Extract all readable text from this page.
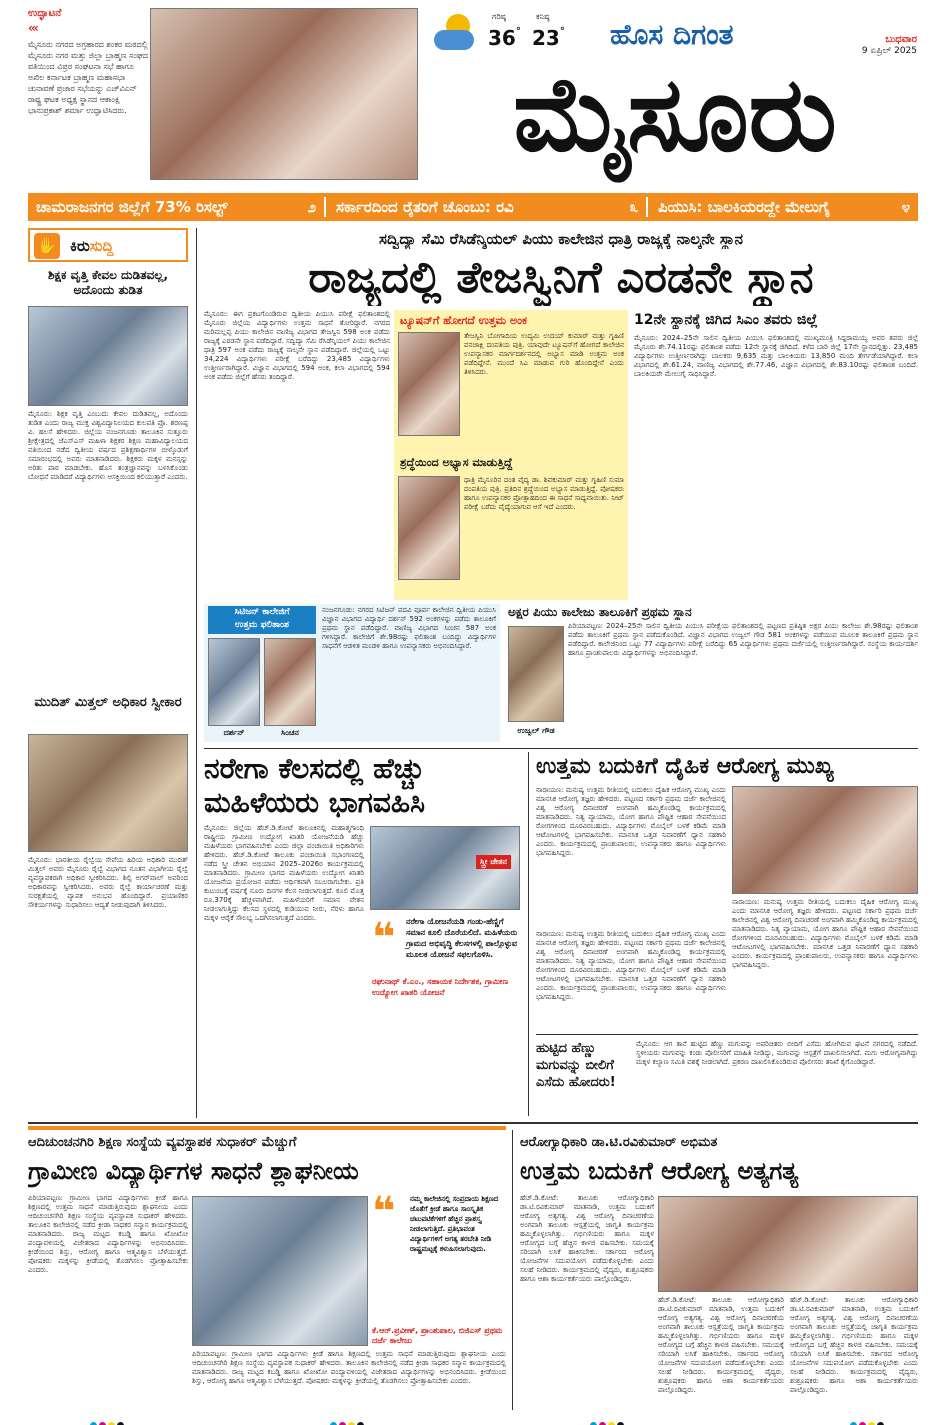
ಉದ್ಘಾಟನೆ
‹‹‹
ಮೈಸೂರು ನಗರದ ಅಗ್ರಹಾರದ ಶಂಕರ ಮಠದಲ್ಲಿ ಮೈಸೂರು ನಗರ ಮತ್ತು ಜಿಲ್ಲಾ ಬ್ರಾಹ್ಮಣ ಸಂಘದ ವತಿಯಿಂದ ವಿಪ್ರರ ಸಂಘಟನಾ ಸಭೆ ಹಾಗೂ ಅಖಿಲ ಕರ್ನಾಟಕ ಬ್ರಾಹ್ಮಣ ಮಹಾಸಭಾ ಚುನಾವಣೆ ಪ್ರಚಾರ ಸಭೆಯನ್ನು ಎಚ್‌ವಿಎನ್ ರಾಷ್ಟ್ರ ಘಟಕ ಅಧ್ಯಕ್ಷ ಸ್ಥಾನದ ಆಕಾಂಕ್ಷಿ ಭಾನುಪ್ರಕಾಶ್ ಶರ್ಮಾ ಉದ್ಘಾಟಿಸಿದರು.
ಗರಿಷ್ಠ	ಕನಿಷ್ಠ
36° 23° ಹೊಸ ದಿಗಂತ	ಬುಧವಾರ
9 ಏಪ್ರಿಲ್ 2025
ಮೈಸೂರು
ಚಾಮರಾಜನಗರ ಜಿಲ್ಲೆಗೆ 73% ರಿಸಲ್ಟ್	೨	ಸರ್ಕಾರದಿಂದ ರೈತರಿಗೆ ಚೊಂಬು: ರವಿ	೩	ಪಿಯುಸಿ: ಬಾಲಕಿಯರದ್ದೇ ಮೇಲುಗೈ	೪
✋ ಕಿರುಸುದ್ದಿ
ಶಿಕ್ಷಕ ವೃತ್ತಿ ಕೇವಲ ದುಡಿತವಲ್ಲ, ಅದೊಂದು ತುಡಿತ
ಮೈಸೂರು: ಶಿಕ್ಷಕ ವೃತ್ತಿ ಎಂಬುದು ಕೇವಲ ದುಡಿತವಲ್ಲ, ಅದೊಂದು ತುಡಿತ ಎಂದು ರಾಜ್ಯ ಮುಕ್ತ ವಿಶ್ವವಿದ್ಯಾನಿಲಯದ ಕುಲಪತಿ ಪ್ರೊ. ಶರಣಪ್ಪ ವಿ. ಹಲಸೆ ಹೇಳಿದರು. ಜಿಲ್ಲೆಯ ನಂಜನಗೂಡು ತಾಲೂಕಿನ ಸುತ್ತೂರು ಶ್ರೀಕ್ಷೇತ್ರದಲ್ಲಿ ಜೆಎಸ್‌ಎಸ್ ಮಹಿಳಾ ಶಿಕ್ಷಕರ ಶಿಕ್ಷಣ ಮಹಾವಿದ್ಯಾಲಯದ ವತಿಯಿಂದ ನಡೆದ ದ್ವಿತೀಯ ವರ್ಷದ ಪ್ರಶಿಕ್ಷಣಾರ್ಥಿಗಳ ಬೀಳ್ಕೊಡುಗೆ ಸಮಾರಂಭದಲ್ಲಿ ಅವರು ಮಾತನಾಡಿದರು. ಶಿಕ್ಷಕರು ಮಕ್ಕಳ ಮನಸ್ಸನ್ನು ಅರಿತು ಪಾಠ ಮಾಡಬೇಕು. ಹೊಸ ತಂತ್ರಜ್ಞಾನವನ್ನು ಬಳಸಿಕೊಂಡು ಬೋಧನೆ ಮಾಡಿದರೆ ವಿದ್ಯಾರ್ಥಿಗಳು ಆಸಕ್ತಿಯಿಂದ ಕಲಿಯುತ್ತಾರೆ ಎಂದರು.
ಮುದಿತ್ ಮಿತ್ತಲ್ ಅಧಿಕಾರ ಸ್ವೀಕಾರ
ಮೈಸೂರು: ಭಾರತೀಯ ರೈಲ್ವೆಯ ಸೇವೆಯ ಹಿರಿಯ ಅಧಿಕಾರಿ ಮುದಿತ್ ಮಿತ್ತಲ್ ಅವರು ಮೈಸೂರು ರೈಲ್ವೆ ವಿಭಾಗದ ನೂತನ ವಿಭಾಗೀಯ ರೈಲ್ವೆ ವ್ಯವಸ್ಥಾಪಕರಾಗಿ ಅಧಿಕಾರ ಸ್ವೀಕರಿಸಿದರು. ಶಿಲ್ಪಿ ಅಗರ್‌ವಾಲ್ ಅವರಿಂದ ಅಧಿಕಾರವನ್ನು ಸ್ವೀಕರಿಸಿದರು. ಅವರು ರೈಲ್ವೆ ಕಾರ್ಯಾಚರಣೆ ಮತ್ತು ಸುರಕ್ಷತೆಯಲ್ಲಿ ವ್ಯಾಪಕ ಅನುಭವ ಹೊಂದಿದ್ದಾರೆ. ಪ್ರಯಾಣಿಕರ ಸೌಕರ್ಯಗಳನ್ನು ಸುಧಾರಿಸಲು ಆದ್ಯತೆ ನೀಡುವುದಾಗಿ ತಿಳಿಸಿದರು.
ಸದ್ವಿದ್ಯಾ ಸೆಮಿ ರೆಸಿಡೆನ್ಶಿಯಲ್ ಪಿಯು ಕಾಲೇಜಿನ ಧಾತ್ರಿ ರಾಜ್ಯಕ್ಕೆ ನಾಲ್ಕನೇ ಸ್ಥಾನ
ರಾಜ್ಯದಲ್ಲಿ ತೇಜಸ್ವಿನಿಗೆ ಎರಡನೇ ಸ್ಥಾನ
ಮೈಸೂರು: ಈಗ ಪ್ರಕಟಗೊಂಡಿರುವ ದ್ವಿತೀಯ ಪಿಯುಸಿ ಪರೀಕ್ಷೆ ಫಲಿತಾಂಶದಲ್ಲಿ ಮೈಸೂರು ಜಿಲ್ಲೆಯ ವಿದ್ಯಾರ್ಥಿಗಳು ಉತ್ತಮ ಸಾಧನೆ ತೋರಿದ್ದಾರೆ. ನಗರದ ಮರಿಮಲ್ಲಪ್ಪ ಪಿಯು ಕಾಲೇಜಿನ ವಾಣಿಜ್ಯ ವಿಭಾಗದ ತೇಜಸ್ವಿನಿ 598 ಅಂಕ ಪಡೆದು ರಾಜ್ಯಕ್ಕೆ ಎರಡನೇ ಸ್ಥಾನ ಪಡೆದಿದ್ದಾರೆ. ಸದ್ವಿದ್ಯಾ ಸೆಮಿ ರೆಸಿಡೆನ್ಶಿಯಲ್ ಪಿಯು ಕಾಲೇಜಿನ ಧಾತ್ರಿ 597 ಅಂಕ ಪಡೆದು ರಾಜ್ಯಕ್ಕೆ ನಾಲ್ಕನೇ ಸ್ಥಾನ ಪಡೆದಿದ್ದಾರೆ. ಜಿಲ್ಲೆಯಲ್ಲಿ ಒಟ್ಟು 34,224 ವಿದ್ಯಾರ್ಥಿಗಳು ಪರೀಕ್ಷೆ ಬರೆದಿದ್ದು 23,485 ವಿದ್ಯಾರ್ಥಿಗಳು ಉತ್ತೀರ್ಣರಾಗಿದ್ದಾರೆ. ವಿಜ್ಞಾನ ವಿಭಾಗದಲ್ಲಿ 594 ಅಂಕ, ಕಲಾ ವಿಭಾಗದಲ್ಲಿ 594 ಅಂಕ ಪಡೆದು ಜಿಲ್ಲೆಗೆ ಹೆಸರು ತಂದಿದ್ದಾರೆ.
ಟ್ಯೂಷನ್‌ಗೆ ಹೋಗದೆ ಉತ್ತಮ ಅಂಕ
ತೇಜಸ್ವಿನಿ ಬೋಗಾದಿಯ ಉದ್ಯಮಿ ಉದಯ್ ಕುಮಾರ್ ಮತ್ತು ಗೃಹಿಣಿ ವನಜಾಕ್ಷಿ ದಂಪತಿಯ ಪುತ್ರಿ. ಯಾವುದೇ ಟ್ಯೂಷನ್‌ಗೆ ಹೋಗದೆ ಕಾಲೇಜಿನ ಉಪನ್ಯಾಸಕರ ಮಾರ್ಗದರ್ಶನದಲ್ಲಿ ಅಭ್ಯಾಸ ಮಾಡಿ ಉತ್ತಮ ಅಂಕ ಪಡೆದಿದ್ದೇನೆ. ಮುಂದೆ ಸಿಎ ಮಾಡುವ ಗುರಿ ಹೊಂದಿದ್ದೇನೆ ಎಂದು ತಿಳಿಸಿದರು.
ಶ್ರದ್ಧೆಯಿಂದ ಅಭ್ಯಾಸ ಮಾಡುತ್ತಿದ್ದೆ
ಧಾತ್ರಿ ಮೈಸೂರಿನ ದಂತ ವೈದ್ಯ ಡಾ. ಶಿವಕುಮಾರ್ ಮತ್ತು ಗೃಹಿಣಿ ಸುಮಾ ದಂಪತಿಯ ಪುತ್ರಿ. ಪ್ರತಿದಿನ ಶ್ರದ್ಧೆಯಿಂದ ಅಭ್ಯಾಸ ಮಾಡುತ್ತಿದ್ದೆ. ಪೋಷಕರು ಹಾಗೂ ಉಪನ್ಯಾಸಕರ ಪ್ರೋತ್ಸಾಹದಿಂದ ಈ ಸಾಧನೆ ಸಾಧ್ಯವಾಯಿತು. ನೀಟ್ ಪರೀಕ್ಷೆ ಬರೆದು ವೈದ್ಯೆಯಾಗುವ ಆಸೆ ಇದೆ ಎಂದರು.
12ನೇ ಸ್ಥಾನಕ್ಕೆ ಜಿಗಿದ ಸಿಎಂ ತವರು ಜಿಲ್ಲೆ
ಮೈಸೂರು: 2024–25ನೇ ಸಾಲಿನ ದ್ವಿತೀಯ ಪಿಯುಸಿ ಫಲಿತಾಂಶದಲ್ಲಿ ಮುಖ್ಯಮಂತ್ರಿ ಸಿದ್ದರಾಮಯ್ಯ ಅವರ ತವರು ಜಿಲ್ಲೆ ಮೈಸೂರು ಶೇ.74.11ರಷ್ಟು ಫಲಿತಾಂಶ ಪಡೆದು 12ನೇ ಸ್ಥಾನಕ್ಕೆ ಜಿಗಿದಿದೆ. ಕಳೆದ ಬಾರಿ ಜಿಲ್ಲೆ 17ನೇ ಸ್ಥಾನದಲ್ಲಿತ್ತು. 23,485 ವಿದ್ಯಾರ್ಥಿಗಳು ಉತ್ತೀರ್ಣರಾಗಿದ್ದು ಬಾಲಕರು 9,635 ಮತ್ತು ಬಾಲಕಿಯರು 13,850 ಮಂದಿ ತೇರ್ಗಡೆಯಾಗಿದ್ದಾರೆ. ಕಲಾ ವಿಭಾಗದಲ್ಲಿ ಶೇ.61.24, ವಾಣಿಜ್ಯ ವಿಭಾಗದಲ್ಲಿ ಶೇ.77.46, ವಿಜ್ಞಾನ ವಿಭಾಗದಲ್ಲಿ ಶೇ.83.10ರಷ್ಟು ಫಲಿತಾಂಶ ಬಂದಿದೆ. ಬಾಲಕಿಯರೇ ಮೇಲುಗೈ ಸಾಧಿಸಿದ್ದಾರೆ.
ಸಿಟಿಜನ್ ಕಾಲೇಜಿಗೆ
ಉತ್ತಮ ಫಲಿತಾಂಶ
ದರ್ಶನ್	ಸಿಂಚನ
ನಂಜನಗೂಡು: ನಗರದ ಸಿಟಿಜನ್ ಪದವಿ ಪೂರ್ವ ಕಾಲೇಜಿನ ದ್ವಿತೀಯ ಪಿಯುಸಿ ವಿಜ್ಞಾನ ವಿಭಾಗದ ವಿದ್ಯಾರ್ಥಿ ದರ್ಶನ್ 592 ಅಂಕಗಳನ್ನು ಪಡೆದು ತಾಲೂಕಿಗೆ ಪ್ರಥಮ ಸ್ಥಾನ ಪಡೆದಿದ್ದಾರೆ. ವಾಣಿಜ್ಯ ವಿಭಾಗದ ಸಿಂಚನ 587 ಅಂಕ ಗಳಿಸಿದ್ದಾರೆ. ಕಾಲೇಜಿಗೆ ಶೇ.98ರಷ್ಟು ಫಲಿತಾಂಶ ಬಂದಿದ್ದು ವಿದ್ಯಾರ್ಥಿಗಳ ಸಾಧನೆಗೆ ಆಡಳಿತ ಮಂಡಳಿ ಹಾಗೂ ಉಪನ್ಯಾಸಕರು ಅಭಿನಂದಿಸಿದ್ದಾರೆ.
ಅಕ್ಷರ ಪಿಯು ಕಾಲೇಜು ತಾಲೂಕಿಗೆ ಪ್ರಥಮ ಸ್ಥಾನ
ಉಜ್ವಲ್ ಗೌಡ
ಪಿರಿಯಾಪಟ್ಟಣ: 2024–25ನೇ ಸಾಲಿನ ದ್ವಿತೀಯ ಪಿಯುಸಿ ಪರೀಕ್ಷೆಯ ಫಲಿತಾಂಶದಲ್ಲಿ ಪಟ್ಟಣದ ಪ್ರತಿಷ್ಠಿತ ಅಕ್ಷರ ಪಿಯು ಕಾಲೇಜು ಶೇ.98ರಷ್ಟು ಫಲಿತಾಂಶ ಪಡೆದು ತಾಲೂಕಿಗೆ ಪ್ರಥಮ ಸ್ಥಾನ ಪಡೆದುಕೊಂಡಿದೆ. ವಿಜ್ಞಾನ ವಿಭಾಗದ ಉಜ್ವಲ್ ಗೌಡ 581 ಅಂಕಗಳನ್ನು ಪಡೆಯುವ ಮೂಲಕ ತಾಲೂಕಿಗೆ ಪ್ರಥಮ ಸ್ಥಾನ ಪಡೆದಿದ್ದಾರೆ. ಕಾಲೇಜಿನಿಂದ ಒಟ್ಟು 77 ವಿದ್ಯಾರ್ಥಿಗಳು ಪರೀಕ್ಷೆ ಬರೆದಿದ್ದು 65 ವಿದ್ಯಾರ್ಥಿಗಳು ಪ್ರಥಮ ದರ್ಜೆಯಲ್ಲಿ ಉತ್ತೀರ್ಣರಾಗಿದ್ದಾರೆ. ಸಂಸ್ಥೆಯ ಕಾರ್ಯದರ್ಶಿ ಹಾಗೂ ಪ್ರಾಂಶುಪಾಲರು ವಿದ್ಯಾರ್ಥಿಗಳನ್ನು ಅಭಿನಂದಿಸಿದ್ದಾರೆ.
ನರೇಗಾ ಕೆಲಸದಲ್ಲಿ ಹೆಚ್ಚು ಮಹಿಳೆಯರು ಭಾಗವಹಿಸಿ
ಮೈಸೂರು: ಜಿಲ್ಲೆಯ ಹೆಚ್.ಡಿ.ಕೋಟೆ ತಾಲೂಕಿನಲ್ಲಿ ಮಹಾತ್ಮಗಾಂಧಿ ರಾಷ್ಟ್ರೀಯ ಗ್ರಾಮೀಣ ಉದ್ಯೋಗ ಖಾತರಿ ಯೋಜನೆಯಡಿ ಹೆಚ್ಚು ಮಹಿಳೆಯರು ಭಾಗವಹಿಸಬೇಕು ಎಂದು ಜಿಲ್ಲಾ ಪಂಚಾಯಿತಿ ಅಧಿಕಾರಿಗಳು ಹೇಳಿದರು. ಹೆಚ್.ಡಿ.ಕೋಟೆ ತಾಲೂಕು ಪಂಚಾಯಿತಿ ಸಭಾಂಗಣದಲ್ಲಿ ನಡೆದ ಸ್ತ್ರೀ ಚೇತನ ಅಭಿಯಾನ 2025–2026ರ ಕಾರ್ಯಕ್ರಮದಲ್ಲಿ ಮಾತನಾಡಿದರು. ಗ್ರಾಮೀಣ ಭಾಗದ ಮಹಿಳೆಯರು ಉದ್ಯೋಗ ಖಾತರಿ ಯೋಜನೆಯ ಪ್ರಯೋಜನ ಪಡೆದು ಆರ್ಥಿಕವಾಗಿ ಸಬಲರಾಗಬೇಕು. ಪ್ರತಿ ಕುಟುಂಬಕ್ಕೆ ವರ್ಷಕ್ಕೆ ನೂರು ದಿನಗಳ ಕೆಲಸ ನೀಡಲಾಗುತ್ತದೆ. ಕೂಲಿ ಮೊತ್ತ ರೂ.370ಕ್ಕೆ ಹೆಚ್ಚಳವಾಗಿದೆ. ಮಹಿಳೆಯರಿಗೆ ಸಮಾನ ವೇತನ ನೀಡಲಾಗುತ್ತಿದ್ದು ಕೆಲಸದ ಸ್ಥಳದಲ್ಲಿ ಕುಡಿಯುವ ನೀರು, ನೆರಳು ಹಾಗೂ ಮಕ್ಕಳ ಆರೈಕೆ ಸೌಲಭ್ಯ ಒದಗಿಸಲಾಗುತ್ತದೆ ಎಂದರು.
ಸ್ತ್ರೀ ಚೇತನ
❝	ನರೇಗಾ ಯೋಜನೆಯಡಿ ಗಂಡು-ಹೆಣ್ಣಿಗೆ ಸಮಾನ ಕೂಲಿ ದೊರೆಯಲಿದೆ. ಮಹಿಳೆಯರು ಗ್ರಾಮದ ಅಭಿವೃದ್ಧಿ ಕೆಲಸಗಳಲ್ಲಿ ಪಾಲ್ಗೊಳ್ಳುವ ಮೂಲಕ ಯೋಜನೆ ಸಫಲಗೊಳಿಸಿ.
ರಘುನಾಥ್ ಕೆ.ಎಂ., ಸಹಾಯಕ ನಿರ್ದೇಶಕ, ಗ್ರಾಮೀಣ ಉದ್ಯೋಗ ಖಾತರಿ ಯೋಜನೆ
ಉತ್ತಮ ಬದುಕಿಗೆ ದೈಹಿಕ ಆರೋಗ್ಯ ಮುಖ್ಯ
ನಾರಾಯಣ: ಮನುಷ್ಯ ಉತ್ತಮ ರೀತಿಯಲ್ಲಿ ಬದುಕಲು ದೈಹಿಕ ಆರೋಗ್ಯ ಮುಖ್ಯ ಎಂದು ಮಾನಸಿಕ ಆರೋಗ್ಯ ತಜ್ಞರು ಹೇಳಿದರು. ಪಟ್ಟಣದ ಸರ್ಕಾರಿ ಪ್ರಥಮ ದರ್ಜೆ ಕಾಲೇಜಿನಲ್ಲಿ ವಿಶ್ವ ಆರೋಗ್ಯ ದಿನಾಚರಣೆ ಅಂಗವಾಗಿ ಹಮ್ಮಿಕೊಂಡಿದ್ದ ಕಾರ್ಯಕ್ರಮದಲ್ಲಿ ಮಾತನಾಡಿದರು. ನಿತ್ಯ ವ್ಯಾಯಾಮ, ಯೋಗ ಹಾಗೂ ಪೌಷ್ಟಿಕ ಆಹಾರ ಸೇವನೆಯಿಂದ ರೋಗಗಳಿಂದ ದೂರವಿರಬಹುದು. ವಿದ್ಯಾರ್ಥಿಗಳು ಮೊಬೈಲ್ ಬಳಕೆ ಕಡಿಮೆ ಮಾಡಿ ಆಟೋಟಗಳಲ್ಲಿ ಭಾಗವಹಿಸಬೇಕು. ಮಾನಸಿಕ ಒತ್ತಡ ನಿವಾರಣೆಗೆ ಧ್ಯಾನ ಸಹಕಾರಿ ಎಂದರು. ಕಾರ್ಯಕ್ರಮದಲ್ಲಿ ಪ್ರಾಂಶುಪಾಲರು, ಉಪನ್ಯಾಸಕರು ಹಾಗೂ ವಿದ್ಯಾರ್ಥಿಗಳು ಭಾಗವಹಿಸಿದ್ದರು.
ನಾರಾಯಣ: ಮನುಷ್ಯ ಉತ್ತಮ ರೀತಿಯಲ್ಲಿ ಬದುಕಲು ದೈಹಿಕ ಆರೋಗ್ಯ ಮುಖ್ಯ ಎಂದು ಮಾನಸಿಕ ಆರೋಗ್ಯ ತಜ್ಞರು ಹೇಳಿದರು. ಪಟ್ಟಣದ ಸರ್ಕಾರಿ ಪ್ರಥಮ ದರ್ಜೆ ಕಾಲೇಜಿನಲ್ಲಿ ವಿಶ್ವ ಆರೋಗ್ಯ ದಿನಾಚರಣೆ ಅಂಗವಾಗಿ ಹಮ್ಮಿಕೊಂಡಿದ್ದ ಕಾರ್ಯಕ್ರಮದಲ್ಲಿ ಮಾತನಾಡಿದರು. ನಿತ್ಯ ವ್ಯಾಯಾಮ, ಯೋಗ ಹಾಗೂ ಪೌಷ್ಟಿಕ ಆಹಾರ ಸೇವನೆಯಿಂದ ರೋಗಗಳಿಂದ ದೂರವಿರಬಹುದು. ವಿದ್ಯಾರ್ಥಿಗಳು ಮೊಬೈಲ್ ಬಳಕೆ ಕಡಿಮೆ ಮಾಡಿ ಆಟೋಟಗಳಲ್ಲಿ ಭಾಗವಹಿಸಬೇಕು. ಮಾನಸಿಕ ಒತ್ತಡ ನಿವಾರಣೆಗೆ ಧ್ಯಾನ ಸಹಕಾರಿ ಎಂದರು. ಕಾರ್ಯಕ್ರಮದಲ್ಲಿ ಪ್ರಾಂಶುಪಾಲರು, ಉಪನ್ಯಾಸಕರು ಹಾಗೂ ವಿದ್ಯಾರ್ಥಿಗಳು ಭಾಗವಹಿಸಿದ್ದರು.
ನಾರಾಯಣ: ಮನುಷ್ಯ ಉತ್ತಮ ರೀತಿಯಲ್ಲಿ ಬದುಕಲು ದೈಹಿಕ ಆರೋಗ್ಯ ಮುಖ್ಯ ಎಂದು ಮಾನಸಿಕ ಆರೋಗ್ಯ ತಜ್ಞರು ಹೇಳಿದರು. ಪಟ್ಟಣದ ಸರ್ಕಾರಿ ಪ್ರಥಮ ದರ್ಜೆ ಕಾಲೇಜಿನಲ್ಲಿ ವಿಶ್ವ ಆರೋಗ್ಯ ದಿನಾಚರಣೆ ಅಂಗವಾಗಿ ಹಮ್ಮಿಕೊಂಡಿದ್ದ ಕಾರ್ಯಕ್ರಮದಲ್ಲಿ ಮಾತನಾಡಿದರು. ನಿತ್ಯ ವ್ಯಾಯಾಮ, ಯೋಗ ಹಾಗೂ ಪೌಷ್ಟಿಕ ಆಹಾರ ಸೇವನೆಯಿಂದ ರೋಗಗಳಿಂದ ದೂರವಿರಬಹುದು. ವಿದ್ಯಾರ್ಥಿಗಳು ಮೊಬೈಲ್ ಬಳಕೆ ಕಡಿಮೆ ಮಾಡಿ ಆಟೋಟಗಳಲ್ಲಿ ಭಾಗವಹಿಸಬೇಕು. ಮಾನಸಿಕ ಒತ್ತಡ ನಿವಾರಣೆಗೆ ಧ್ಯಾನ ಸಹಕಾರಿ ಎಂದರು. ಕಾರ್ಯಕ್ರಮದಲ್ಲಿ ಪ್ರಾಂಶುಪಾಲರು, ಉಪನ್ಯಾಸಕರು ಹಾಗೂ ವಿದ್ಯಾರ್ಥಿಗಳು ಭಾಗವಹಿಸಿದ್ದರು.
ಹುಟ್ಟಿದ ಹೆಣ್ಣು ಮಗುವನ್ನು ಬೀಲಿಗೆ ಎಸೆದು ಹೋದರು!
ಮೈಸೂರು: ಆಗ ತಾನೆ ಹುಟ್ಟಿದ ಹೆಣ್ಣು ಮಗುವನ್ನು ಅಪರಿಚಿತರು ಬೀದಿಗೆ ಎಸೆದು ಹೋಗಿರುವ ಘಟನೆ ನಗರದಲ್ಲಿ ನಡೆದಿದೆ. ಸ್ಥಳೀಯರು ಮಗುವನ್ನು ಕಂಡು ಪೊಲೀಸರಿಗೆ ಮಾಹಿತಿ ನೀಡಿದ್ದು, ಮಗುವನ್ನು ಆಸ್ಪತ್ರೆಗೆ ದಾಖಲಿಸಲಾಗಿದೆ. ಮಗು ಆರೋಗ್ಯವಾಗಿದ್ದು ಮಕ್ಕಳ ಕಲ್ಯಾಣ ಸಮಿತಿ ವಶಕ್ಕೆ ನೀಡಲಾಗಿದೆ. ಪ್ರಕರಣ ದಾಖಲಿಸಿಕೊಂಡಿರುವ ಪೊಲೀಸರು ತನಿಖೆ ಕೈಗೊಂಡಿದ್ದಾರೆ.
ಆದಿಚುಂಚನಗಿರಿ ಶಿಕ್ಷಣ ಸಂಸ್ಥೆಯ ವ್ಯವಸ್ಥಾಪಕ ಸುಧಾಕರ್ ಮೆಚ್ಚುಗೆ
ಗ್ರಾಮೀಣ ವಿದ್ಯಾರ್ಥಿಗಳ ಸಾಧನೆ ಶ್ಲಾಘನೀಯ
ಪಿರಿಯಾಪಟ್ಟಣ: ಗ್ರಾಮೀಣ ಭಾಗದ ವಿದ್ಯಾರ್ಥಿಗಳು ಕ್ರೀಡೆ ಹಾಗೂ ಶಿಕ್ಷಣದಲ್ಲಿ ಉತ್ತಮ ಸಾಧನೆ ಮಾಡುತ್ತಿರುವುದು ಶ್ಲಾಘನೀಯ ಎಂದು ಆದಿಚುಂಚನಗಿರಿ ಶಿಕ್ಷಣ ಸಂಸ್ಥೆಯ ವ್ಯವಸ್ಥಾಪಕ ಸುಧಾಕರ್ ಹೇಳಿದರು. ತಾಲೂಕಿನ ಕಾಲೇಜಿನಲ್ಲಿ ನಡೆದ ಕ್ರೀಡಾ ಸಾಧಕರ ಸನ್ಮಾನ ಕಾರ್ಯಕ್ರಮದಲ್ಲಿ ಮಾತನಾಡಿದರು. ರಾಜ್ಯ ಮಟ್ಟದ ಕಬಡ್ಡಿ ಹಾಗೂ ಖೋಖೋ ಪಂದ್ಯಾವಳಿಯಲ್ಲಿ ವಿಜೇತರಾದ ವಿದ್ಯಾರ್ಥಿಗಳನ್ನು ಅಭಿನಂದಿಸಿದರು. ಕ್ರೀಡೆಯಿಂದ ಶಿಸ್ತು, ಆರೋಗ್ಯ ಹಾಗೂ ಆತ್ಮವಿಶ್ವಾಸ ಬೆಳೆಯುತ್ತದೆ. ಪೋಷಕರು ಮಕ್ಕಳನ್ನು ಕ್ರೀಡೆಯಲ್ಲಿ ತೊಡಗಿಸಲು ಪ್ರೋತ್ಸಾಹಿಸಬೇಕು ಎಂದರು.
❝	ನಮ್ಮ ಕಾಲೇಜಿನಲ್ಲಿ ಸಂಪ್ರದಾಯ ಶಿಕ್ಷಣದ ಜೊತೆಗೆ ಕ್ರೀಡೆ ಹಾಗೂ ಸಾಂಸ್ಕೃತಿಕ ಚಟುವಟಿಕೆಗಳಿಗೆ ಹೆಚ್ಚಿನ ಪ್ರಾಶಸ್ತ್ಯ ನೀಡಲಾಗುತ್ತಿದೆ. ಪ್ರತಿಭಾವಂತ ವಿದ್ಯಾರ್ಥಿಗಳಿಗೆ ಅಗತ್ಯ ತರಬೇತಿ ನೀಡಿ ರಾಷ್ಟ್ರಮಟ್ಟಕ್ಕೆ ಕಳುಹಿಸಲಾಗುವುದು.
ಕೆ.ಆರ್.ಪ್ರವೀಣ್, ಪ್ರಾಂಶುಪಾಲ, ಬಿಜಿಎಸ್ ಪ್ರಥಮ ದರ್ಜೆ ಕಾಲೇಜು
ಪಿರಿಯಾಪಟ್ಟಣ: ಗ್ರಾಮೀಣ ಭಾಗದ ವಿದ್ಯಾರ್ಥಿಗಳು ಕ್ರೀಡೆ ಹಾಗೂ ಶಿಕ್ಷಣದಲ್ಲಿ ಉತ್ತಮ ಸಾಧನೆ ಮಾಡುತ್ತಿರುವುದು ಶ್ಲಾಘನೀಯ ಎಂದು ಆದಿಚುಂಚನಗಿರಿ ಶಿಕ್ಷಣ ಸಂಸ್ಥೆಯ ವ್ಯವಸ್ಥಾಪಕ ಸುಧಾಕರ್ ಹೇಳಿದರು. ತಾಲೂಕಿನ ಕಾಲೇಜಿನಲ್ಲಿ ನಡೆದ ಕ್ರೀಡಾ ಸಾಧಕರ ಸನ್ಮಾನ ಕಾರ್ಯಕ್ರಮದಲ್ಲಿ ಮಾತನಾಡಿದರು. ರಾಜ್ಯ ಮಟ್ಟದ ಕಬಡ್ಡಿ ಹಾಗೂ ಖೋಖೋ ಪಂದ್ಯಾವಳಿಯಲ್ಲಿ ವಿಜೇತರಾದ ವಿದ್ಯಾರ್ಥಿಗಳನ್ನು ಅಭಿನಂದಿಸಿದರು. ಕ್ರೀಡೆಯಿಂದ ಶಿಸ್ತು, ಆರೋಗ್ಯ ಹಾಗೂ ಆತ್ಮವಿಶ್ವಾಸ ಬೆಳೆಯುತ್ತದೆ. ಪೋಷಕರು ಮಕ್ಕಳನ್ನು ಕ್ರೀಡೆಯಲ್ಲಿ ತೊಡಗಿಸಲು ಪ್ರೋತ್ಸಾಹಿಸಬೇಕು ಎಂದರು.
ಆರೋಗ್ಯಾಧಿಕಾರಿ ಡಾ.ಟಿ.ರವಿಕುಮಾರ್ ಅಭಿಮತ
ಉತ್ತಮ ಬದುಕಿಗೆ ಆರೋಗ್ಯ ಅತ್ಯಗತ್ಯ
ಹೆಚ್.ಡಿ.ಕೋಟೆ: ತಾಲೂಕು ಆರೋಗ್ಯಾಧಿಕಾರಿ ಡಾ.ಟಿ.ರವಿಕುಮಾರ್ ಮಾತನಾಡಿ, ಉತ್ತಮ ಬದುಕಿಗೆ ಆರೋಗ್ಯ ಅತ್ಯಗತ್ಯ. ವಿಶ್ವ ಆರೋಗ್ಯ ದಿನಾಚರಣೆಯ ಅಂಗವಾಗಿ ತಾಲೂಕು ಆಸ್ಪತ್ರೆಯಲ್ಲಿ ಜಾಗೃತಿ ಕಾರ್ಯಕ್ರಮ ಹಮ್ಮಿಕೊಳ್ಳಲಾಗಿತ್ತು. ಗರ್ಭಿಣಿಯರು ಹಾಗೂ ಮಕ್ಕಳ ಆರೋಗ್ಯದ ಬಗ್ಗೆ ಹೆಚ್ಚಿನ ಕಾಳಜಿ ವಹಿಸಬೇಕು. ಸಮಯಕ್ಕೆ ಸರಿಯಾಗಿ ಲಸಿಕೆ ಹಾಕಿಸಬೇಕು. ಸರ್ಕಾರದ ಆರೋಗ್ಯ ಯೋಜನೆಗಳ ಸದುಪಯೋಗ ಪಡೆದುಕೊಳ್ಳಬೇಕು ಎಂದು ಸಲಹೆ ನೀಡಿದರು. ಕಾರ್ಯಕ್ರಮದಲ್ಲಿ ವೈದ್ಯರು, ಶುಶ್ರೂಷಕರು ಹಾಗೂ ಆಶಾ ಕಾರ್ಯಕರ್ತೆಯರು ಪಾಲ್ಗೊಂಡಿದ್ದರು.
ಹೆಚ್.ಡಿ.ಕೋಟೆ: ತಾಲೂಕು ಆರೋಗ್ಯಾಧಿಕಾರಿ ಡಾ.ಟಿ.ರವಿಕುಮಾರ್ ಮಾತನಾಡಿ, ಉತ್ತಮ ಬದುಕಿಗೆ ಆರೋಗ್ಯ ಅತ್ಯಗತ್ಯ. ವಿಶ್ವ ಆರೋಗ್ಯ ದಿನಾಚರಣೆಯ ಅಂಗವಾಗಿ ತಾಲೂಕು ಆಸ್ಪತ್ರೆಯಲ್ಲಿ ಜಾಗೃತಿ ಕಾರ್ಯಕ್ರಮ ಹಮ್ಮಿಕೊಳ್ಳಲಾಗಿತ್ತು. ಗರ್ಭಿಣಿಯರು ಹಾಗೂ ಮಕ್ಕಳ ಆರೋಗ್ಯದ ಬಗ್ಗೆ ಹೆಚ್ಚಿನ ಕಾಳಜಿ ವಹಿಸಬೇಕು. ಸಮಯಕ್ಕೆ ಸರಿಯಾಗಿ ಲಸಿಕೆ ಹಾಕಿಸಬೇಕು. ಸರ್ಕಾರದ ಆರೋಗ್ಯ ಯೋಜನೆಗಳ ಸದುಪಯೋಗ ಪಡೆದುಕೊಳ್ಳಬೇಕು ಎಂದು ಸಲಹೆ ನೀಡಿದರು. ಕಾರ್ಯಕ್ರಮದಲ್ಲಿ ವೈದ್ಯರು, ಶುಶ್ರೂಷಕರು ಹಾಗೂ ಆಶಾ ಕಾರ್ಯಕರ್ತೆಯರು ಪಾಲ್ಗೊಂಡಿದ್ದರು.
ಹೆಚ್.ಡಿ.ಕೋಟೆ: ತಾಲೂಕು ಆರೋಗ್ಯಾಧಿಕಾರಿ ಡಾ.ಟಿ.ರವಿಕುಮಾರ್ ಮಾತನಾಡಿ, ಉತ್ತಮ ಬದುಕಿಗೆ ಆರೋಗ್ಯ ಅತ್ಯಗತ್ಯ. ವಿಶ್ವ ಆರೋಗ್ಯ ದಿನಾಚರಣೆಯ ಅಂಗವಾಗಿ ತಾಲೂಕು ಆಸ್ಪತ್ರೆಯಲ್ಲಿ ಜಾಗೃತಿ ಕಾರ್ಯಕ್ರಮ ಹಮ್ಮಿಕೊಳ್ಳಲಾಗಿತ್ತು. ಗರ್ಭಿಣಿಯರು ಹಾಗೂ ಮಕ್ಕಳ ಆರೋಗ್ಯದ ಬಗ್ಗೆ ಹೆಚ್ಚಿನ ಕಾಳಜಿ ವಹಿಸಬೇಕು. ಸಮಯಕ್ಕೆ ಸರಿಯಾಗಿ ಲಸಿಕೆ ಹಾಕಿಸಬೇಕು. ಸರ್ಕಾರದ ಆರೋಗ್ಯ ಯೋಜನೆಗಳ ಸದುಪಯೋಗ ಪಡೆದುಕೊಳ್ಳಬೇಕು ಎಂದು ಸಲಹೆ ನೀಡಿದರು. ಕಾರ್ಯಕ್ರಮದಲ್ಲಿ ವೈದ್ಯರು, ಶುಶ್ರೂಷಕರು ಹಾಗೂ ಆಶಾ ಕಾರ್ಯಕರ್ತೆಯರು ಪಾಲ್ಗೊಂಡಿದ್ದರು.
